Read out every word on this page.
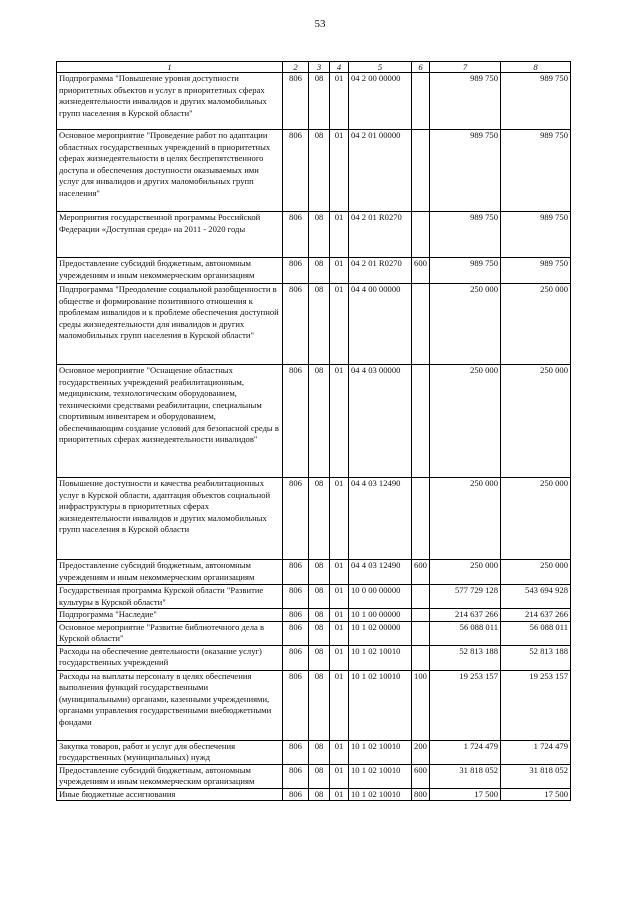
53
1	2	3	4	5	6	7	8
Подпрограмма "Повышение уровня доступности приоритетных объектов и услуг в приоритетных сферах жизнедеятельности инвалидов и других маломобильных групп населения в Курской области"	806	08	01	04 2 00 00000		989 750	989 750
Основное мероприятие "Проведение работ по адаптации областных государственных учреждений в приоритетных сферах жизнедеятельности в целях беспрепятственного доступа и обеспечения доступности оказываемых ими услуг для инвалидов и других маломобильных групп населения"	806	08	01	04 2 01 00000		989 750	989 750
Мероприятия государственной программы Российской Федерации «Доступная среда» на 2011 - 2020 годы	806	08	01	04 2 01 R0270		989 750	989 750
Предоставление субсидий бюджетным, автономным учреждениям и иным некоммерческим организациям	806	08	01	04 2 01 R0270	600	989 750	989 750
Подпрограмма "Преодоление социальной разобщенности в обществе и формирование позитивного отношения к проблемам инвалидов и к проблеме обеспечения доступной среды жизнедеятельности для инвалидов и других маломобильных групп населения в Курской области"	806	08	01	04 4 00 00000		250 000	250 000
Основное мероприятие "Оснащение областных государственных учреждений реабилитационным, медицинским, технологическим оборудованием, техническими средствами реабилитации, специальным спортивным инвентарем и оборудованием, обеспечивающим создание условий для безопасной среды в приоритетных сферах жизнедеятельности инвалидов"	806	08	01	04 4 03 00000		250 000	250 000
Повышение доступности и качества реабилитационных услуг в Курской области, адаптация объектов социальной инфраструктуры в приоритетных сферах жизнедеятельности инвалидов и других маломобильных групп населения в Курской области	806	08	01	04 4 03 12490		250 000	250 000
Предоставление субсидий бюджетным, автономным учреждениям и иным некоммерческим организациям	806	08	01	04 4 03 12490	600	250 000	250 000
Государственная программа Курской области "Развитие культуры в Курской области"	806	08	01	10 0 00 00000		577 729 128	543 694 928
Подпрограмма "Наследие"	806	08	01	10 1 00 00000		214 637 266	214 637 266
Основное мероприятие "Развитие библиотечного дела в Курской области"	806	08	01	10 1 02 00000		56 088 011	56 088 011
Расходы на обеспечение деятельности (оказание услуг) государственных учреждений	806	08	01	10 1 02 10010		52 813 188	52 813 188
Расходы на выплаты персоналу в целях обеспечения выполнения функций государственными (муниципальными) органами, казенными учреждениями, органами управления государственными внебюджетными фондами	806	08	01	10 1 02 10010	100	19 253 157	19 253 157
Закупка товаров, работ и услуг для обеспечения государственных (муниципальных) нужд	806	08	01	10 1 02 10010	200	1 724 479	1 724 479
Предоставление субсидий бюджетным, автономным учреждениям и иным некоммерческим организациям	806	08	01	10 1 02 10010	600	31 818 052	31 818 052
Иные бюджетные ассигнования	806	08	01	10 1 02 10010	800	17 500	17 500
